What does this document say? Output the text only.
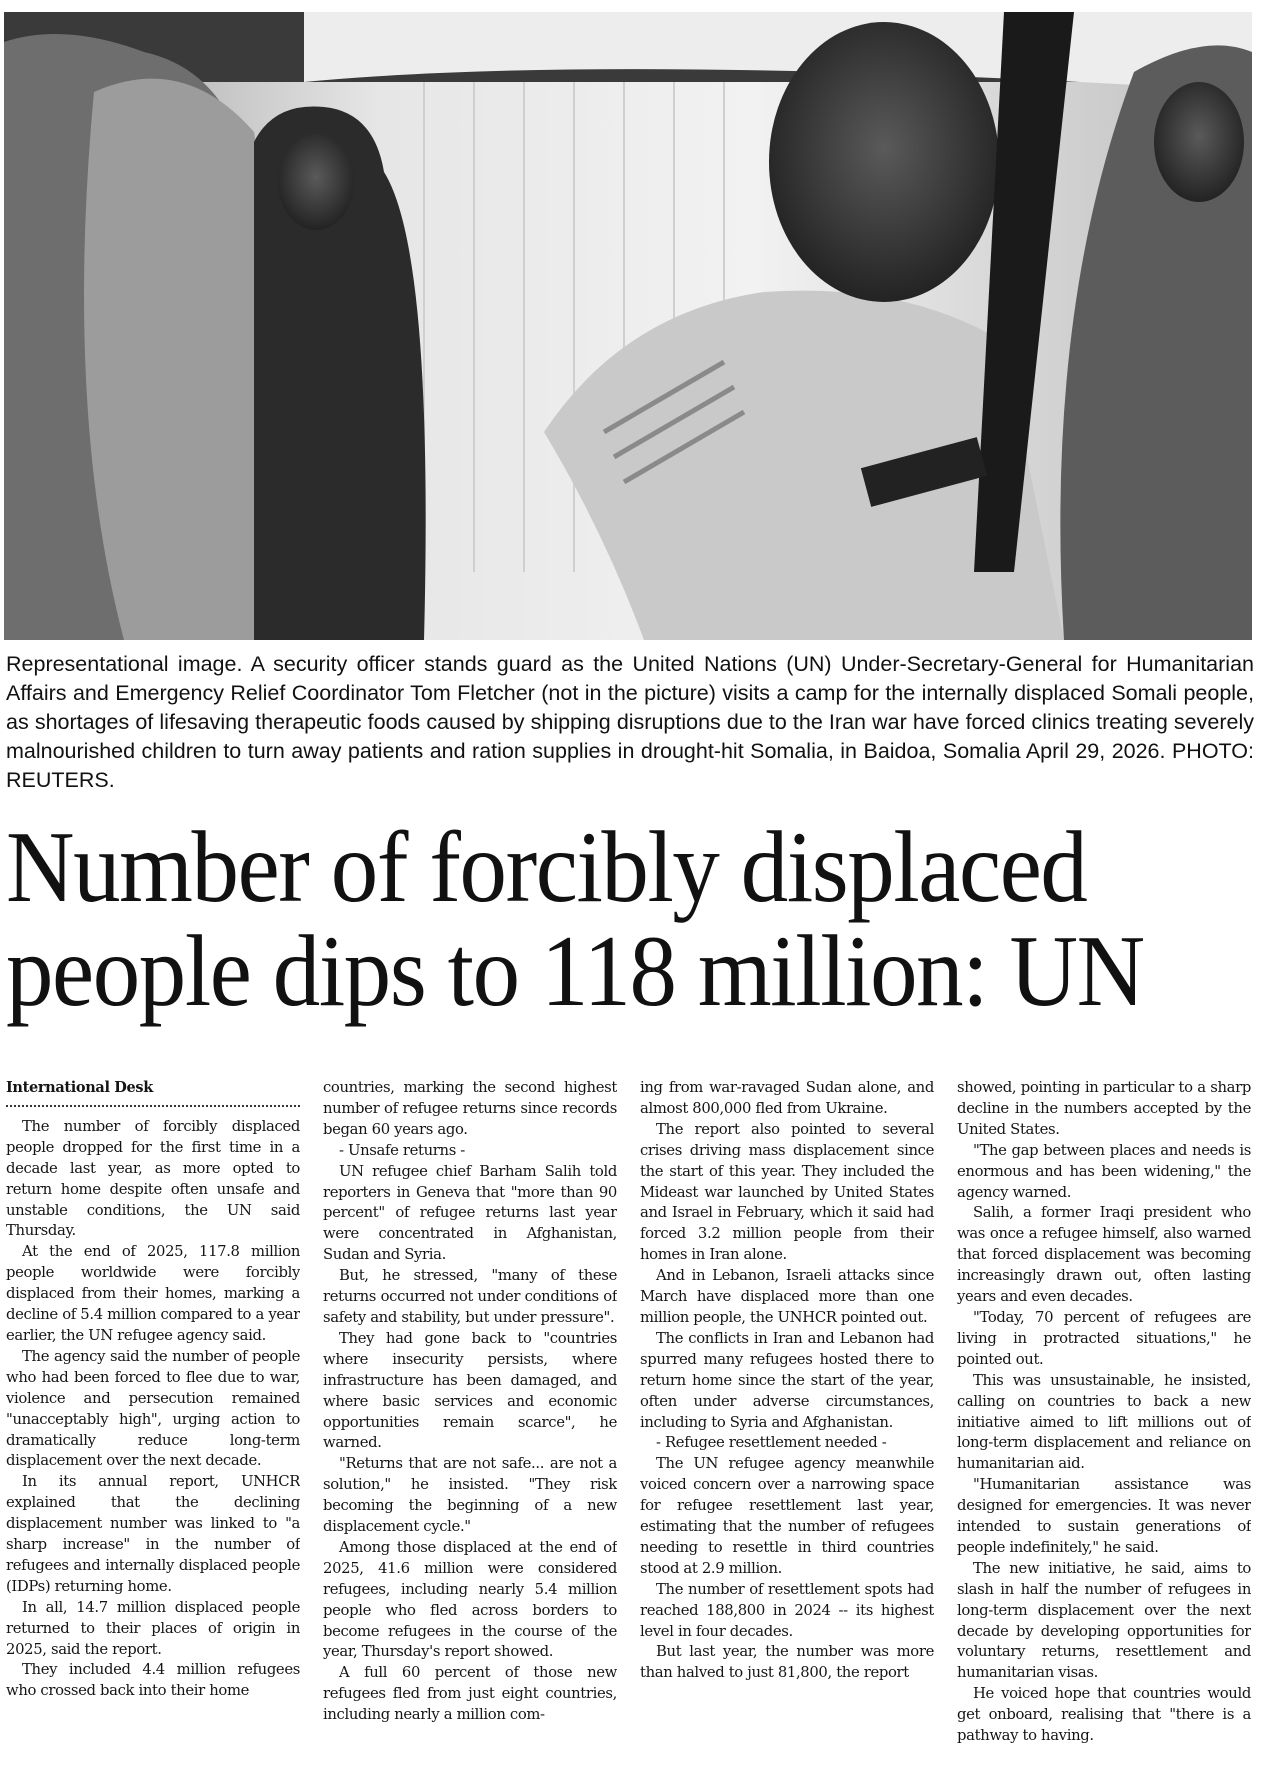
Representational image. A security officer stands guard as the United Nations (UN) Under-Secretary-General for Humanitarian Affairs and Emergency Relief Coordinator Tom Fletcher (not in the picture) visits a camp for the internally displaced Somali people, as shortages of lifesaving therapeutic foods caused by shipping disruptions due to the Iran war have forced clinics treating severely malnourished children to turn away patients and ration supplies in drought-hit Somalia, in Baidoa, Somalia April 29, 2026. PHOTO: REUTERS.
Number of forcibly displaced
people dips to 118 million: UN

International Desk

The number of forcibly displaced people dropped for the first time in a decade last year, as more opted to return home despite often unsafe and unstable conditions, the UN said Thursday.

At the end of 2025, 117.8 million people worldwide were forcibly displaced from their homes, marking a decline of 5.4 million compared to a year earlier, the UN refugee agency said.

The agency said the number of people who had been forced to flee due to war, violence and persecution remained "unacceptably high", urging action to dramatically reduce long-term displacement over the next decade.

In its annual report, UNHCR explained that the declining displacement number was linked to "a sharp increase" in the number of refugees and internally displaced people (IDPs) returning home.

In all, 14.7 million displaced people returned to their places of origin in 2025, said the report.

They included 4.4 million refugees who crossed back into their home

countries, marking the second highest number of refugee returns since records began 60 years ago.

- Unsafe returns -

UN refugee chief Barham Salih told reporters in Geneva that "more than 90 percent" of refugee returns last year were concentrated in Afghanistan, Sudan and Syria.

But, he stressed, "many of these returns occurred not under conditions of safety and stability, but under pressure".

They had gone back to "countries where insecurity persists, where infrastructure has been damaged, and where basic services and economic opportunities remain scarce", he warned.

"Returns that are not safe... are not a solution," he insisted. "They risk becoming the beginning of a new displacement cycle."

Among those displaced at the end of 2025, 41.6 million were considered refugees, including nearly 5.4 million people who fled across borders to become refugees in the course of the year, Thursday's report showed.

A full 60 percent of those new refugees fled from just eight countries, including nearly a million com-

ing from war-ravaged Sudan alone, and almost 800,000 fled from Ukraine.

The report also pointed to several crises driving mass displacement since the start of this year. They included the Mideast war launched by United States and Israel in February, which it said had forced 3.2 million people from their homes in Iran alone.

And in Lebanon, Israeli attacks since March have displaced more than one million people, the UNHCR pointed out.

The conflicts in Iran and Lebanon had spurred many refugees hosted there to return home since the start of the year, often under adverse circumstances, including to Syria and Afghanistan.

- Refugee resettlement needed -

The UN refugee agency meanwhile voiced concern over a narrowing space for refugee resettlement last year, estimating that the number of refugees needing to resettle in third countries stood at 2.9 million.

The number of resettlement spots had reached 188,800 in 2024 -- its highest level in four decades.

But last year, the number was more than halved to just 81,800, the report

showed, pointing in particular to a sharp decline in the numbers accepted by the United States.

"The gap between places and needs is enormous and has been widening," the agency warned.

Salih, a former Iraqi president who was once a refugee himself, also warned that forced displacement was becoming increasingly drawn out, often lasting years and even decades.

"Today, 70 percent of refugees are living in protracted situations," he pointed out.

This was unsustainable, he insisted, calling on countries to back a new initiative aimed to lift millions out of long-term displacement and reliance on humanitarian aid.

"Humanitarian assistance was designed for emergencies. It was never intended to sustain generations of people indefinitely," he said.

The new initiative, he said, aims to slash in half the number of refugees in long-term displacement over the next decade by developing opportunities for voluntary returns, resettlement and humanitarian visas.

He voiced hope that countries would get onboard, realising that "there is a pathway to having.
